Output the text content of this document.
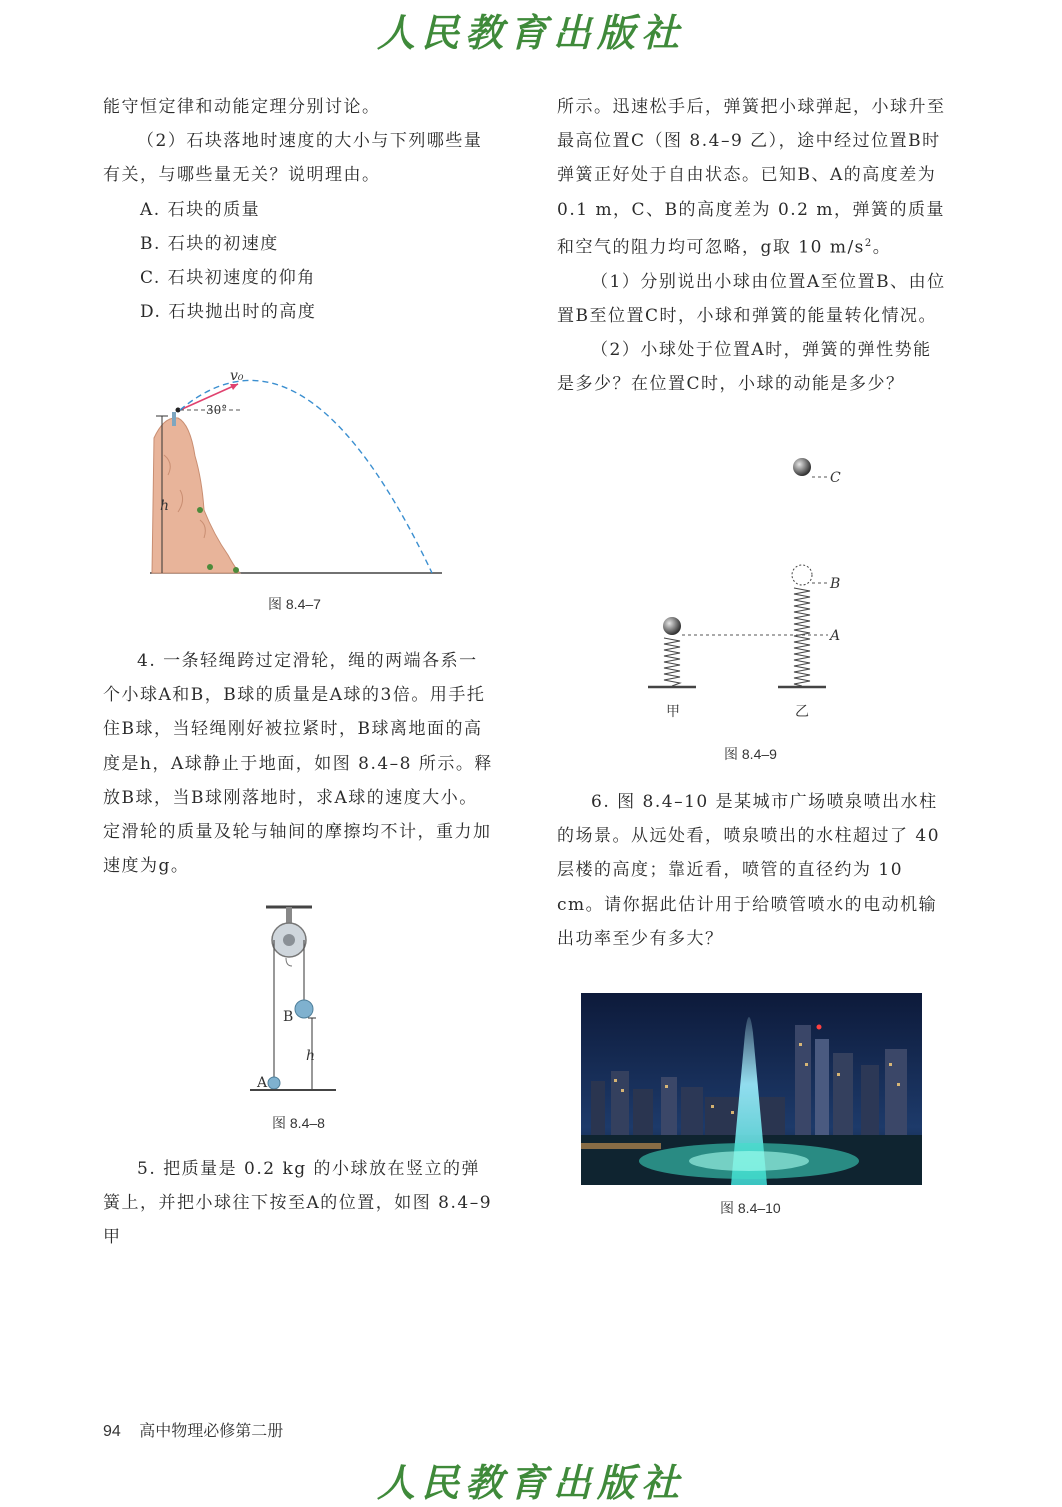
人民教育出版社

能守恒定律和动能定理分别讨论。

（2）石块落地时速度的大小与下列哪些量有关，与哪些量无关？说明理由。

A. 石块的质量

B. 石块的初速度

C. 石块初速度的仰角

D. 石块抛出时的高度

h
v₀
30°
图 8.4–7

4. 一条轻绳跨过定滑轮，绳的两端各系一个小球A和B，B球的质量是A球的3倍。用手托住B球，当轻绳刚好被拉紧时，B球离地面的高度是h，A球静止于地面，如图 8.4–8 所示。释放B球，当B球刚落地时，求A球的速度大小。定滑轮的质量及轮与轴间的摩擦均不计，重力加速度为g。

B
A
h
图 8.4–8

5. 把质量是 0.2 kg 的小球放在竖立的弹簧上，并把小球往下按至A的位置，如图 8.4–9 甲

所示。迅速松手后，弹簧把小球弹起，小球升至最高位置C（图 8.4–9 乙），途中经过位置B时弹簧正好处于自由状态。已知B、A的高度差为 0.1 m，C、B的高度差为 0.2 m，弹簧的质量和空气的阻力均可忽略，g取 10 $m/s^2$。

（1）分别说出小球由位置A至位置B、由位置B至位置C时，小球和弹簧的能量转化情况。

（2）小球处于位置A时，弹簧的弹性势能是多少？在位置C时，小球的动能是多少？

C
B
A
甲	乙
图 8.4–9

6. 图 8.4–10 是某城市广场喷泉喷出水柱的场景。从远处看，喷泉喷出的水柱超过了 40 层楼的高度；靠近看，喷管的直径约为 10 cm。请你据此估计用于给喷管喷水的电动机输出功率至少有多大？

图 8.4–10
94 高中物理必修第二册
人民教育出版社
